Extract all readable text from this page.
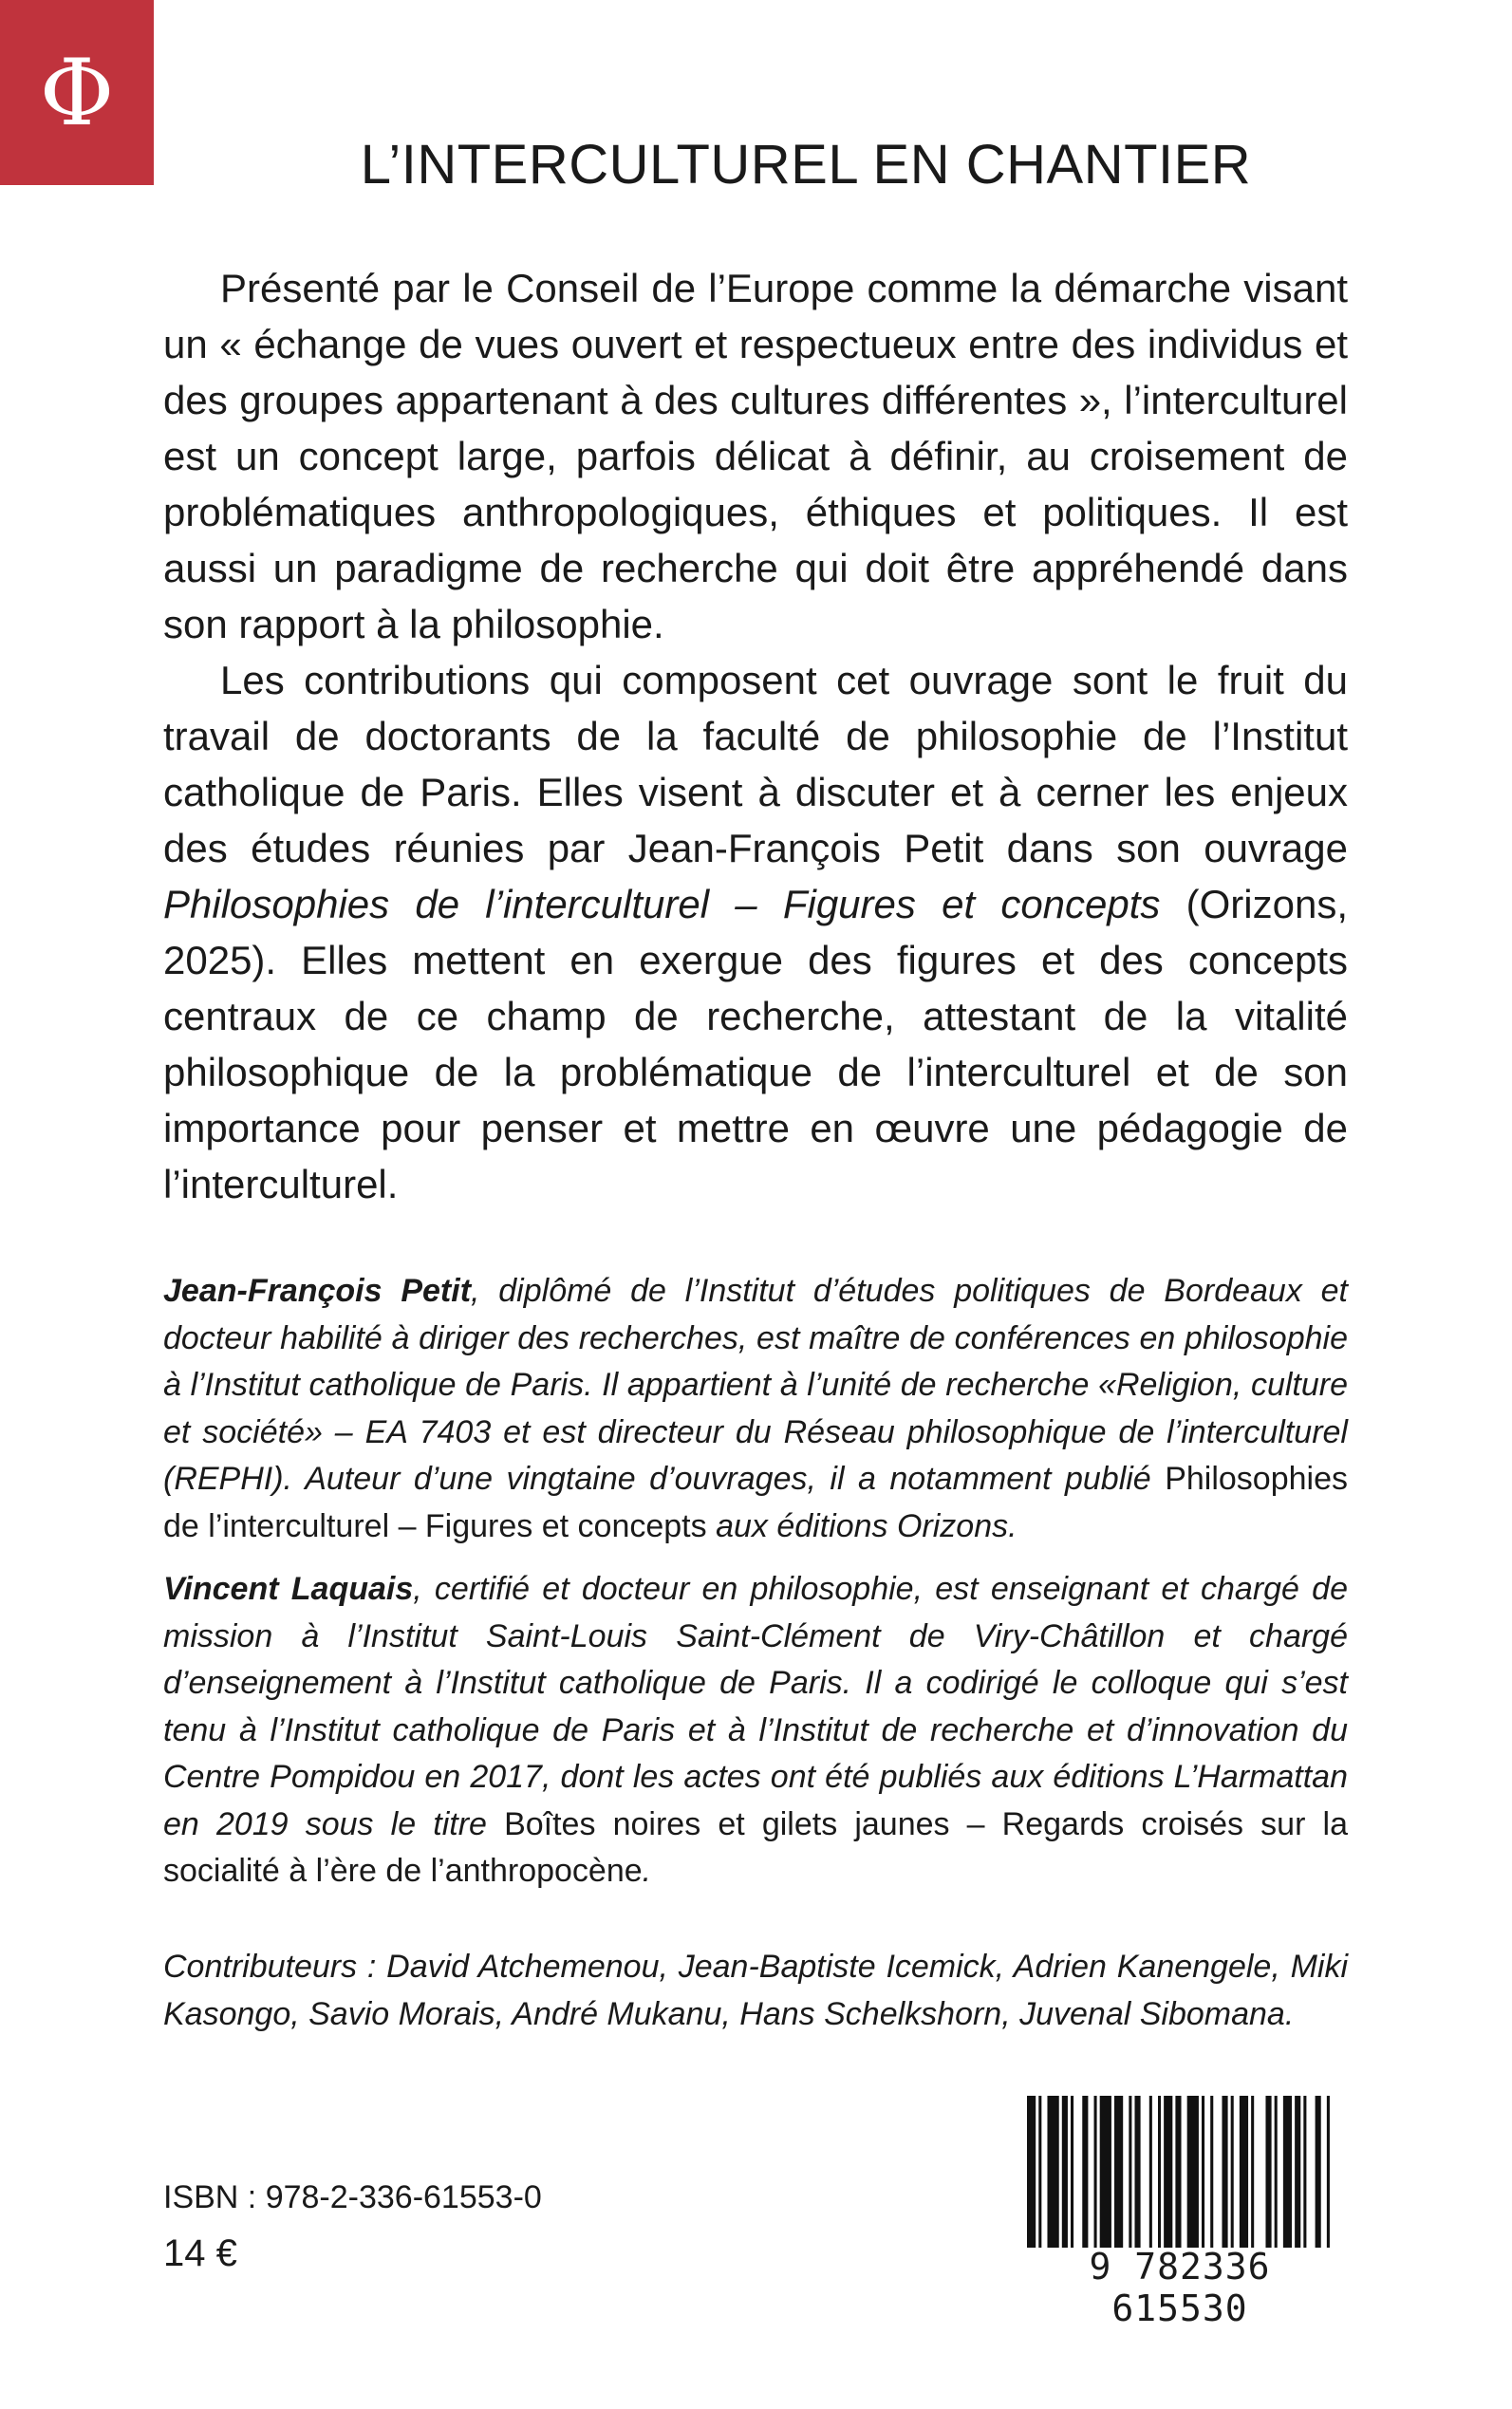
Φ
L’INTERCULTUREL EN CHANTIER

Présenté par le Conseil de l’Europe comme la démarche visant un « échange de vues ouvert et respectueux entre des individus et des groupes appartenant à des cultures différentes », l’interculturel est un concept large, parfois délicat à définir, au croisement de problématiques anthropologiques, éthiques et politiques. Il est aussi un paradigme de recherche qui doit être appréhendé dans son rapport à la philosophie.

Les contributions qui composent cet ouvrage sont le fruit du travail de doctorants de la faculté de philosophie de l’Institut catholique de Paris. Elles visent à discuter et à cerner les enjeux des études réunies par Jean-François Petit dans son ouvrage Philosophies de l’interculturel – Figures et concepts (Orizons, 2025). Elles mettent en exergue des figures et des concepts centraux de ce champ de recherche, attestant de la vitalité philosophique de la problématique de l’interculturel et de son importance pour penser et mettre en œuvre une pédagogie de l’interculturel.

Jean-François Petit, diplômé de l’Institut d’études politiques de Bordeaux et docteur habilité à diriger des recherches, est maître de conférences en philosophie à l’Institut catholique de Paris. Il appartient à l’unité de recherche «Religion, culture et société» – EA 7403 et est directeur du Réseau philosophique de l’interculturel (REPHI). Auteur d’une vingtaine d’ouvrages, il a notamment publié Philosophies de l’interculturel – Figures et concepts aux éditions Orizons.

Vincent Laquais, certifié et docteur en philosophie, est enseignant et chargé de mission à l’Institut Saint-Louis Saint-Clément de Viry-Châtillon et chargé d’enseignement à l’Institut catholique de Paris. Il a codirigé le colloque qui s’est tenu à l’Institut catholique de Paris et à l’Institut de recherche et d’innovation du Centre Pompidou en 2017, dont les actes ont été publiés aux éditions L’Harmattan en 2019 sous le titre Boîtes noires et gilets jaunes – Regards croisés sur la socialité à l’ère de l’anthropocène.

Contributeurs : David Atchemenou, Jean-Baptiste Icemick, Adrien Kanengele, Miki Kasongo, Savio Morais, André Mukanu, Hans Schelkshorn, Juvenal Sibomana.
ISBN : 978-2-336-61553-0
14 €	9 782336 615530
